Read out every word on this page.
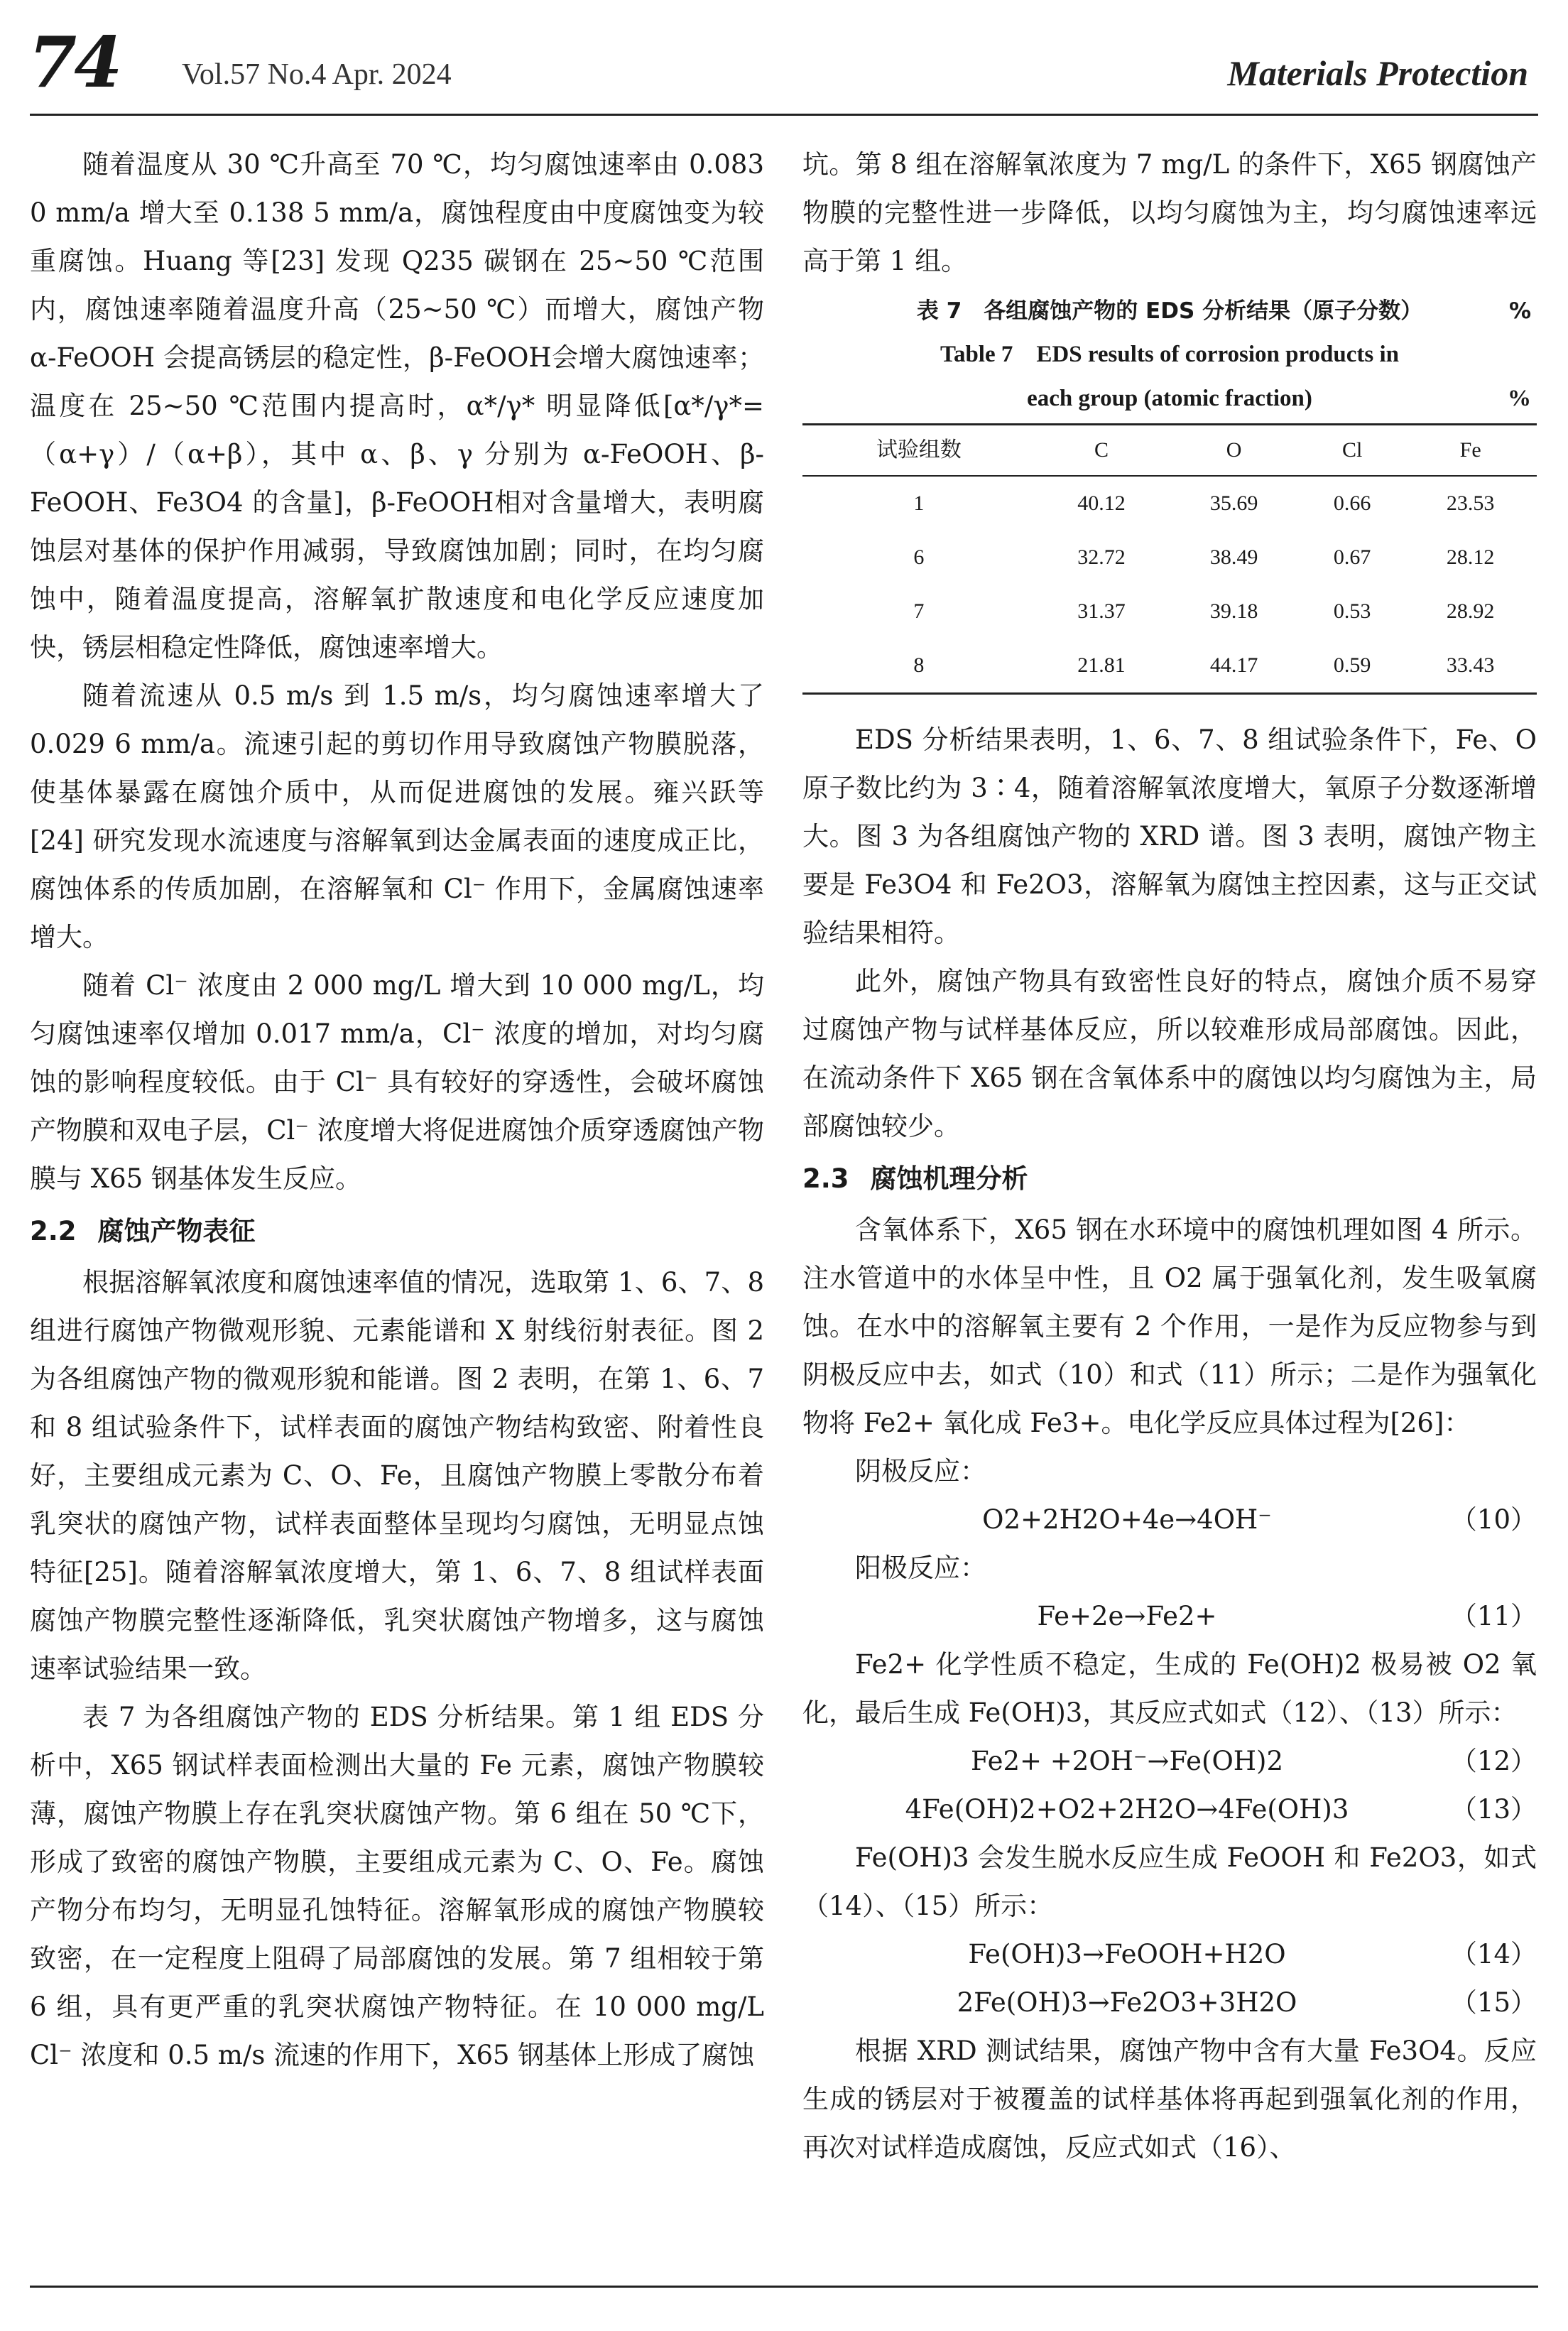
74 Vol.57 No.4 Apr. 2024	Materials Protection

随着温度从 30 ℃升高至 70 ℃，均匀腐蚀速率由 0.083 0 mm/a 增大至 0.138 5 mm/a，腐蚀程度由中度腐蚀变为较重腐蚀。Huang 等[23] 发现 Q235 碳钢在 25~50 ℃范围内，腐蚀速率随着温度升高（25~50 ℃）而增大，腐蚀产物 α-FeOOH 会提高锈层的稳定性，β-FeOOH会增大腐蚀速率；温度在 25~50 ℃范围内提高时，α*/γ* 明显降低[α*/γ*=（α+γ）/（α+β），其中 α、β、γ 分别为 α-FeOOH、β-FeOOH、Fe3O4 的含量]，β-FeOOH相对含量增大，表明腐蚀层对基体的保护作用减弱，导致腐蚀加剧；同时，在均匀腐蚀中，随着温度提高，溶解氧扩散速度和电化学反应速度加快，锈层相稳定性降低，腐蚀速率增大。

随着流速从 0.5 m/s 到 1.5 m/s，均匀腐蚀速率增大了 0.029 6 mm/a。流速引起的剪切作用导致腐蚀产物膜脱落，使基体暴露在腐蚀介质中，从而促进腐蚀的发展。雍兴跃等[24] 研究发现水流速度与溶解氧到达金属表面的速度成正比，腐蚀体系的传质加剧，在溶解氧和 Cl⁻ 作用下，金属腐蚀速率增大。

随着 Cl⁻ 浓度由 2 000 mg/L 增大到 10 000 mg/L，均匀腐蚀速率仅增加 0.017 mm/a，Cl⁻ 浓度的增加，对均匀腐蚀的影响程度较低。由于 Cl⁻ 具有较好的穿透性，会破坏腐蚀产物膜和双电子层，Cl⁻ 浓度增大将促进腐蚀介质穿透腐蚀产物膜与 X65 钢基体发生反应。

2.2 腐蚀产物表征

根据溶解氧浓度和腐蚀速率值的情况，选取第 1、6、7、8 组进行腐蚀产物微观形貌、元素能谱和 X 射线衍射表征。图 2 为各组腐蚀产物的微观形貌和能谱。图 2 表明，在第 1、6、7 和 8 组试验条件下，试样表面的腐蚀产物结构致密、附着性良好，主要组成元素为 C、O、Fe，且腐蚀产物膜上零散分布着乳突状的腐蚀产物，试样表面整体呈现均匀腐蚀，无明显点蚀特征[25]。随着溶解氧浓度增大，第 1、6、7、8 组试样表面腐蚀产物膜完整性逐渐降低，乳突状腐蚀产物增多，这与腐蚀速率试验结果一致。

表 7 为各组腐蚀产物的 EDS 分析结果。第 1 组 EDS 分析中，X65 钢试样表面检测出大量的 Fe 元素，腐蚀产物膜较薄，腐蚀产物膜上存在乳突状腐蚀产物。第 6 组在 50 ℃下，形成了致密的腐蚀产物膜，主要组成元素为 C、O、Fe。腐蚀产物分布均匀，无明显孔蚀特征。溶解氧形成的腐蚀产物膜较致密，在一定程度上阻碍了局部腐蚀的发展。第 7 组相较于第 6 组，具有更严重的乳突状腐蚀产物特征。在 10 000 mg/L Cl⁻ 浓度和 0.5 m/s 流速的作用下，X65 钢基体上形成了腐蚀

坑。第 8 组在溶解氧浓度为 7 mg/L 的条件下，X65 钢腐蚀产物膜的完整性进一步降低，以均匀腐蚀为主，均匀腐蚀速率远高于第 1 组。

表 7　各组腐蚀产物的 EDS 分析结果（原子分数）	%
Table 7　EDS results of corrosion products in
each group (atomic fraction)	%
试验组数	C	O	Cl	Fe
1	40.12	35.69	0.66	23.53
6	32.72	38.49	0.67	28.12
7	31.37	39.18	0.53	28.92
8	21.81	44.17	0.59	33.43

EDS 分析结果表明，1、6、7、8 组试验条件下，Fe、O 原子数比约为 3∶4，随着溶解氧浓度增大，氧原子分数逐渐增大。图 3 为各组腐蚀产物的 XRD 谱。图 3 表明，腐蚀产物主要是 Fe3O4 和 Fe2O3，溶解氧为腐蚀主控因素，这与正交试验结果相符。

此外，腐蚀产物具有致密性良好的特点，腐蚀介质不易穿过腐蚀产物与试样基体反应，所以较难形成局部腐蚀。因此，在流动条件下 X65 钢在含氧体系中的腐蚀以均匀腐蚀为主，局部腐蚀较少。

2.3 腐蚀机理分析

含氧体系下，X65 钢在水环境中的腐蚀机理如图 4 所示。注水管道中的水体呈中性，且 O2 属于强氧化剂，发生吸氧腐蚀。在水中的溶解氧主要有 2 个作用，一是作为反应物参与到阴极反应中去，如式（10）和式（11）所示；二是作为强氧化物将 Fe2+ 氧化成 Fe3+。电化学反应具体过程为[26]：

阴极反应：

O2+2H2O+4e→4OH⁻	（10）

阳极反应：

Fe+2e→Fe2+	（11）

Fe2+ 化学性质不稳定，生成的 Fe(OH)2 极易被 O2 氧化，最后生成 Fe(OH)3，其反应式如式（12）、（13）所示：

Fe2+ +2OH⁻→Fe(OH)2	（12）
4Fe(OH)2+O2+2H2O→4Fe(OH)3	（13）

Fe(OH)3 会发生脱水反应生成 FeOOH 和 Fe2O3，如式（14）、（15）所示：

Fe(OH)3→FeOOH+H2O	（14）
2Fe(OH)3→Fe2O3+3H2O	（15）

根据 XRD 测试结果，腐蚀产物中含有大量 Fe3O4。反应生成的锈层对于被覆盖的试样基体将再起到强氧化剂的作用，再次对试样造成腐蚀，反应式如式（16）、
